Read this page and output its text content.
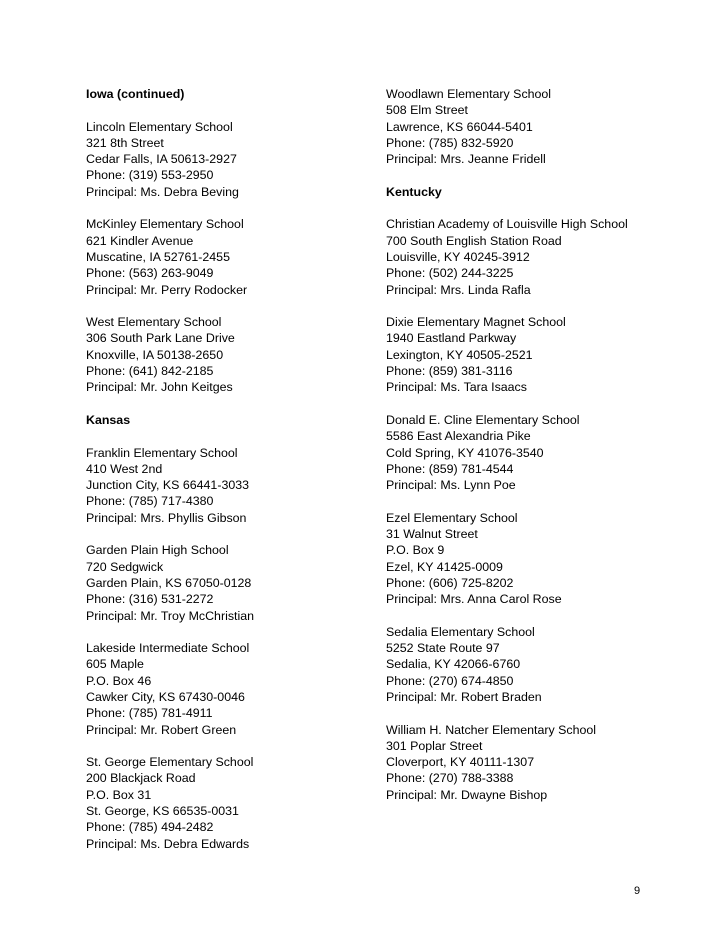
Iowa (continued)
Lincoln Elementary School
321 8th Street
Cedar Falls, IA 50613-2927
Phone: (319) 553-2950
Principal: Ms. Debra Beving
McKinley Elementary School
621 Kindler Avenue
Muscatine, IA 52761-2455
Phone: (563) 263-9049
Principal: Mr. Perry Rodocker
West Elementary School
306 South Park Lane Drive
Knoxville, IA 50138-2650
Phone: (641) 842-2185
Principal: Mr. John Keitges
Kansas
Franklin Elementary School
410 West 2nd
Junction City, KS 66441-3033
Phone: (785) 717-4380
Principal: Mrs. Phyllis Gibson
Garden Plain High School
720 Sedgwick
Garden Plain, KS 67050-0128
Phone: (316) 531-2272
Principal: Mr. Troy McChristian
Lakeside Intermediate School
605 Maple
P.O. Box 46
Cawker City, KS 67430-0046
Phone: (785) 781-4911
Principal: Mr. Robert Green
St. George Elementary School
200 Blackjack Road
P.O. Box 31
St. George, KS 66535-0031
Phone: (785) 494-2482
Principal: Ms. Debra Edwards
Woodlawn Elementary School
508 Elm Street
Lawrence, KS 66044-5401
Phone: (785) 832-5920
Principal: Mrs. Jeanne Fridell
Kentucky
Christian Academy of Louisville High School
700 South English Station Road
Louisville, KY 40245-3912
Phone: (502) 244-3225
Principal: Mrs. Linda Rafla
Dixie Elementary Magnet School
1940 Eastland Parkway
Lexington, KY 40505-2521
Phone: (859) 381-3116
Principal: Ms. Tara Isaacs
Donald E. Cline Elementary School
5586 East Alexandria Pike
Cold Spring, KY 41076-3540
Phone: (859) 781-4544
Principal: Ms. Lynn Poe
Ezel Elementary School
31 Walnut Street
P.O. Box 9
Ezel, KY 41425-0009
Phone: (606) 725-8202
Principal: Mrs. Anna Carol Rose
Sedalia Elementary School
5252 State Route 97
Sedalia, KY 42066-6760
Phone: (270) 674-4850
Principal: Mr. Robert Braden
William H. Natcher Elementary School
301 Poplar Street
Cloverport, KY 40111-1307
Phone: (270) 788-3388
Principal: Mr. Dwayne Bishop
9
